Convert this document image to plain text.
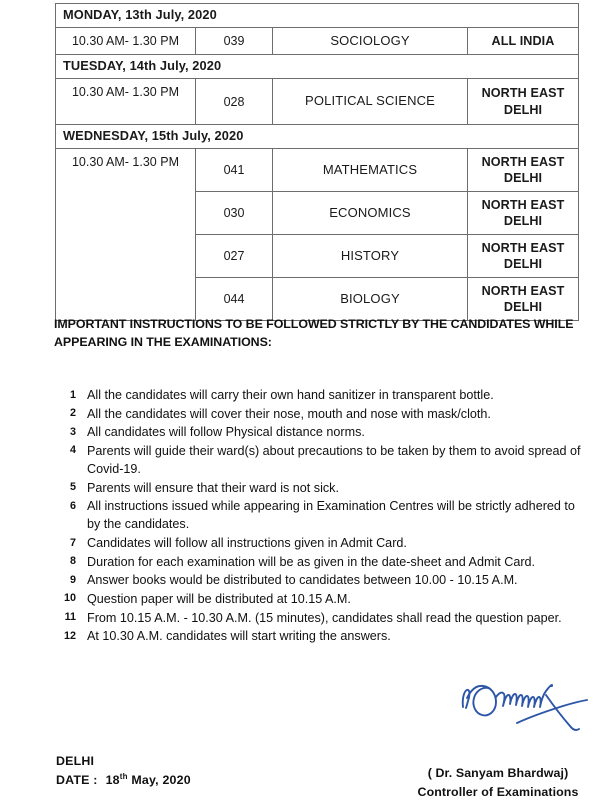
MONDAY, 13th July, 2020			
10.30 AM- 1.30 PM	039	SOCIOLOGY	ALL INDIA
TUESDAY, 14th July, 2020			
10.30 AM- 1.30 PM	028	POLITICAL SCIENCE	NORTH EAST DELHI
WEDNESDAY, 15th July, 2020			
10.30 AM- 1.30 PM	041	MATHEMATICS	NORTH EAST DELHI
	030	ECONOMICS	NORTH EAST DELHI
	027	HISTORY	NORTH EAST DELHI
	044	BIOLOGY	NORTH EAST DELHI
IMPORTANT INSTRUCTIONS TO BE FOLLOWED STRICTLY BY THE CANDIDATES WHILE APPEARING IN THE EXAMINATIONS:
1 All the candidates will carry their own hand sanitizer in transparent bottle.
2 All the candidates will cover their nose, mouth and nose with mask/cloth.
3 All candidates will follow Physical distance norms.
4 Parents will guide their ward(s) about precautions to be taken by them to avoid spread of Covid-19.
5 Parents will ensure that their ward is not sick.
6 All instructions issued while appearing in Examination Centres will be strictly adhered to by the candidates.
7 Candidates will follow all instructions given in Admit Card.
8 Duration for each examination will be as given in the date-sheet and Admit Card.
9 Answer books would be distributed to candidates between 10.00 - 10.15 A.M.
10 Question paper will be distributed at 10.15 A.M.
11 From 10.15 A.M. - 10.30 A.M. (15 minutes), candidates shall read the question paper.
12 At 10.30 A.M. candidates will start writing the answers.
DELHI
DATE : 18th May, 2020
( Dr. Sanyam Bhardwaj)
Controller of Examinations
